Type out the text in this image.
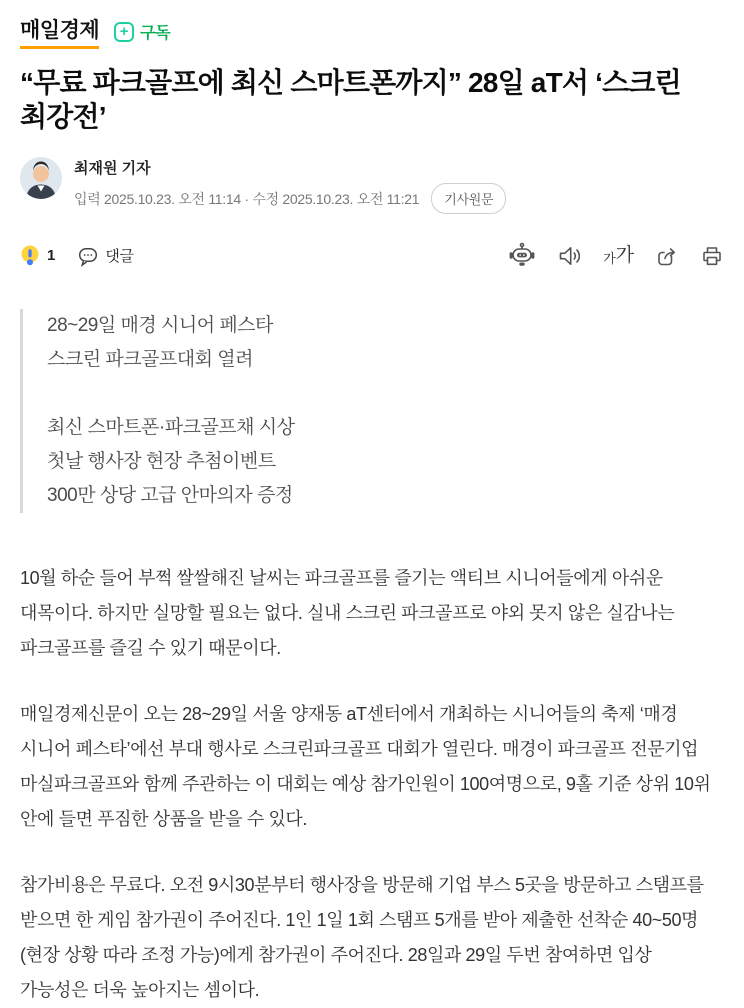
매일경제	+ 구독
“무료 파크골프에 최신 스마트폰까지” 28일 aT서 ‘스크린 최강전’
최재원 기자
입력 2025.10.23. 오전 11:14 · 수정 2025.10.23. 오전 11:21	기사원문
1	댓글	가 가
28~29일 매경 시니어 페스타
스크린 파크골프대회 열려
최신 스마트폰·파크골프채 시상
첫날 행사장 현장 추첨이벤트
300만 상당 고급 안마의자 증정

10월 하순 들어 부쩍 쌀쌀해진 날씨는 파크골프를 즐기는 액티브 시니어들에게 아쉬운 대목이다. 하지만 실망할 필요는 없다. 실내 스크린 파크골프로 야외 못지 않은 실감나는 파크골프를 즐길 수 있기 때문이다.

매일경제신문이 오는 28~29일 서울 양재동 aT센터에서 개최하는 시니어들의 축제 ‘매경 시니어 페스타’에선 부대 행사로 스크린파크골프 대회가 열린다. 매경이 파크골프 전문기업 마실파크골프와 함께 주관하는 이 대회는 예상 참가인원이 100여명으로, 9홀 기준 상위 10위 안에 들면 푸짐한 상품을 받을 수 있다.

참가비용은 무료다. 오전 9시30분부터 행사장을 방문해 기업 부스 5곳을 방문하고 스탬프를 받으면 한 게임 참가권이 주어진다. 1인 1일 1회 스탬프 5개를 받아 제출한 선착순 40~50명(현장 상황 따라 조정 가능)에게 참가권이 주어진다. 28일과 29일 두번 참여하면 입상 가능성은 더욱 높아지는 셈이다.
